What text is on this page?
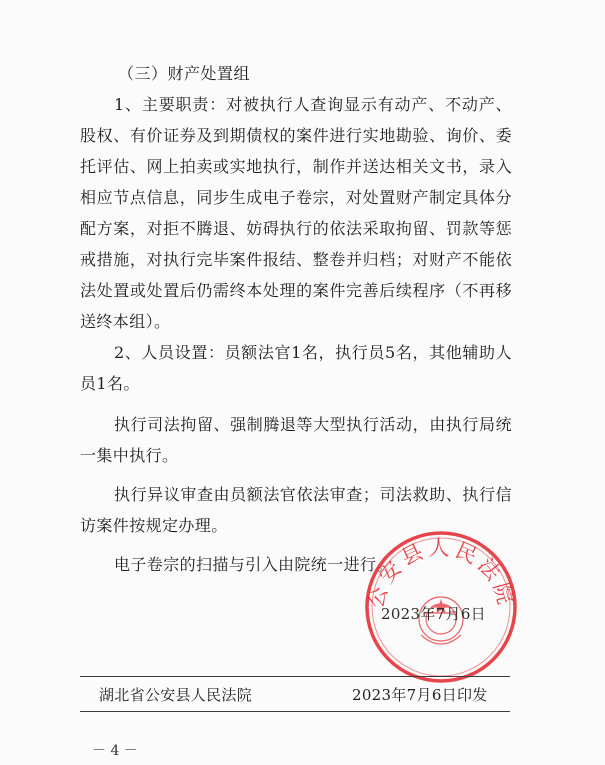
（三）财产处置组

1、主要职责：对被执行人查询显示有动产、不动产、股权、有价证券及到期债权的案件进行实地勘验、询价、委托评估、网上拍卖或实地执行，制作并送达相关文书，录入相应节点信息，同步生成电子卷宗，对处置财产制定具体分配方案，对拒不腾退、妨碍执行的依法采取拘留、罚款等惩戒措施，对执行完毕案件报结、整卷并归档；对财产不能依法处置或处置后仍需终本处理的案件完善后续程序（不再移送终本组）。

2、人员设置：员额法官1名，执行员5名，其他辅助人员1名。

执行司法拘留、强制腾退等大型执行活动，由执行局统一集中执行。

执行异议审查由员额法官依法审查；司法救助、执行信访案件按规定办理。

电子卷宗的扫描与引入由院统一进行。

公安县人民法院
2023年7月6日
湖北省公安县人民法院	2023年7月6日印发
－ 4 －
